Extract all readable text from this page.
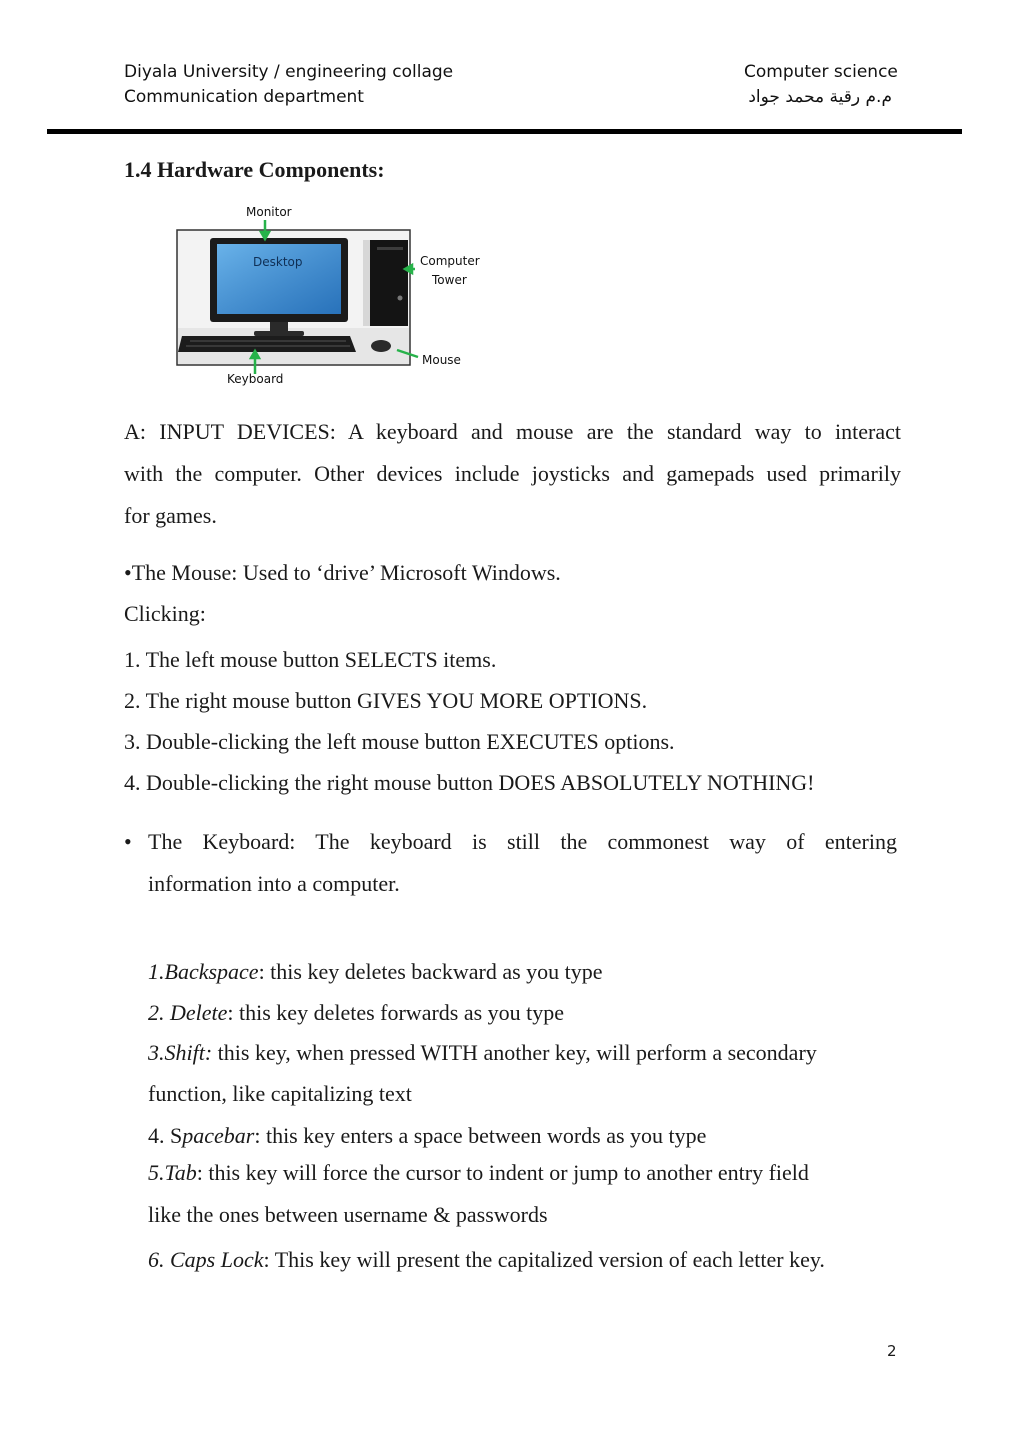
Diyala University / engineering collage
Communication department
Computer science
م.م رقية محمد جواد
1.4 Hardware Components:
Monitor
Desktop	Computer
Tower
Mouse
Keyboard
A: INPUT DEVICES: A keyboard and mouse are the standard way to interact
with the computer. Other devices include joysticks and gamepads used primarily
for games.
•The Mouse: Used to ‘drive’ Microsoft Windows.
Clicking:
1. The left mouse button SELECTS items.
2. The right mouse button GIVES YOU MORE OPTIONS.
3. Double-clicking the left mouse button EXECUTES options.
4. Double-clicking the right mouse button DOES ABSOLUTELY NOTHING!
• The Keyboard: The keyboard is still the commonest way of entering
information into a computer.
1.Backspace: this key deletes backward as you type
2. Delete: this key deletes forwards as you type
3.Shift: this key, when pressed WITH another key, will perform a secondary
function, like capitalizing text
4. Spacebar: this key enters a space between words as you type
5.Tab: this key will force the cursor to indent or jump to another entry field
like the ones between username & passwords
6. Caps Lock: This key will present the capitalized version of each letter key.
2
